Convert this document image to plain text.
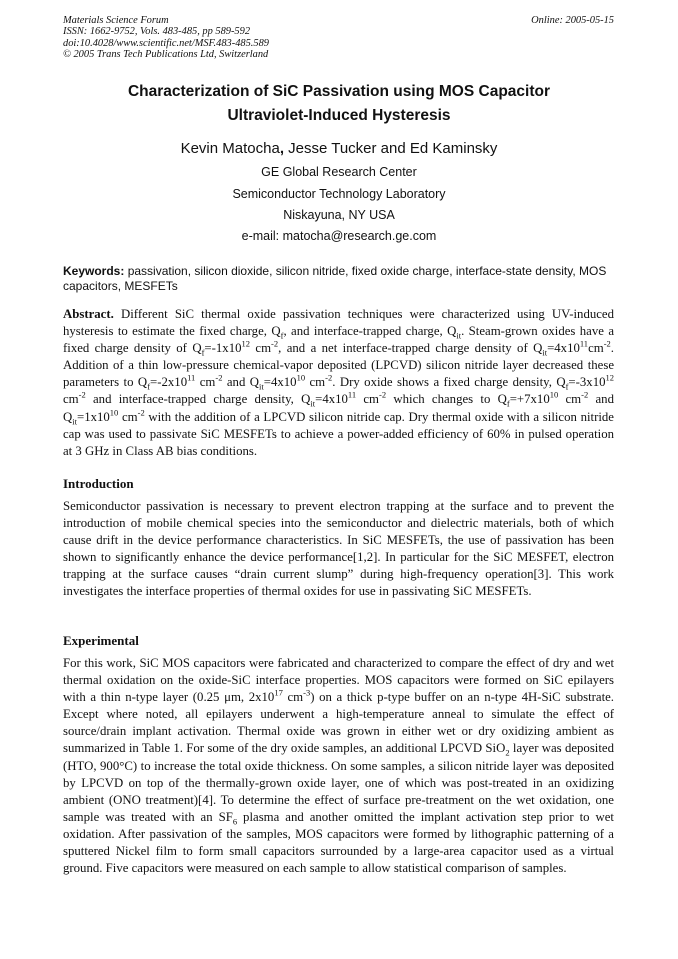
Materials Science Forum
ISSN: 1662-9752, Vols. 483-485, pp 589-592
doi:10.4028/www.scientific.net/MSF.483-485.589
© 2005 Trans Tech Publications Ltd, Switzerland
Online: 2005-05-15
Characterization of SiC Passivation using MOS Capacitor
Ultraviolet-Induced Hysteresis
Kevin Matocha, Jesse Tucker and Ed Kaminsky
GE Global Research Center
Semiconductor Technology Laboratory
Niskayuna, NY USA
e-mail: matocha@research.ge.com
Keywords: passivation, silicon dioxide, silicon nitride, fixed oxide charge, interface-state density, MOS capacitors, MESFETs
Abstract. Different SiC thermal oxide passivation techniques were characterized using UV-induced hysteresis to estimate the fixed charge, $Q_f$, and interface-trapped charge, $Q_{it}$. Steam-grown oxides have a fixed charge density of $Q_f=-1x10^{12}$ $cm^{-2}$, and a net interface-trapped charge density of $Q_{it}=4x10^{11}cm^{-2}$. Addition of a thin low-pressure chemical-vapor deposited (LPCVD) silicon nitride layer decreased these parameters to $Q_f=-2x10^{11}$ $cm^{-2}$ and $Q_{it}=4x10^{10}$ $cm^{-2}$. Dry oxide shows a fixed charge density, $Q_f=-3x10^{12}$ $cm^{-2}$ and interface-trapped charge density, $Q_{it}=4x10^{11}$ $cm^{-2}$ which changes to $Q_f=+7x10^{10}$ $cm^{-2}$ and $Q_{it}=1x10^{10}$ $cm^{-2}$ with the addition of a LPCVD silicon nitride cap. Dry thermal oxide with a silicon nitride cap was used to passivate SiC MESFETs to achieve a power-added efficiency of 60% in pulsed operation at 3 GHz in Class AB bias conditions.
Introduction
Semiconductor passivation is necessary to prevent electron trapping at the surface and to prevent the introduction of mobile chemical species into the semiconductor and dielectric materials, both of which cause drift in the device performance characteristics. In SiC MESFETs, the use of passivation has been shown to significantly enhance the device performance[1,2]. In particular for the SiC MESFET, electron trapping at the surface causes “drain current slump” during high-frequency operation[3]. This work investigates the interface properties of thermal oxides for use in passivating SiC MESFETs.
Experimental
For this work, SiC MOS capacitors were fabricated and characterized to compare the effect of dry and wet thermal oxidation on the oxide-SiC interface properties. MOS capacitors were formed on SiC epilayers with a thin n-type layer (0.25 μm, $2x10^{17}$ $cm^{-3}$) on a thick p-type buffer on an n-type 4H-SiC substrate. Except where noted, all epilayers underwent a high-temperature anneal to simulate the effect of source/drain implant activation. Thermal oxide was grown in either wet or dry oxidizing ambient as summarized in Table 1. For some of the dry oxide samples, an additional LPCVD SiO$_2$ layer was deposited (HTO, 900°C) to increase the total oxide thickness. On some samples, a silicon nitride layer was deposited by LPCVD on top of the thermally-grown oxide layer, one of which was post-treated in an oxidizing ambient (ONO treatment)[4]. To determine the effect of surface pre-treatment on the wet oxidation, one sample was treated with an $SF_6$ plasma and another omitted the implant activation step prior to wet oxidation. After passivation of the samples, MOS capacitors were formed by lithographic patterning of a sputtered Nickel film to form small capacitors surrounded by a large-area capacitor used as a virtual ground. Five capacitors were measured on each sample to allow statistical comparison of samples.
